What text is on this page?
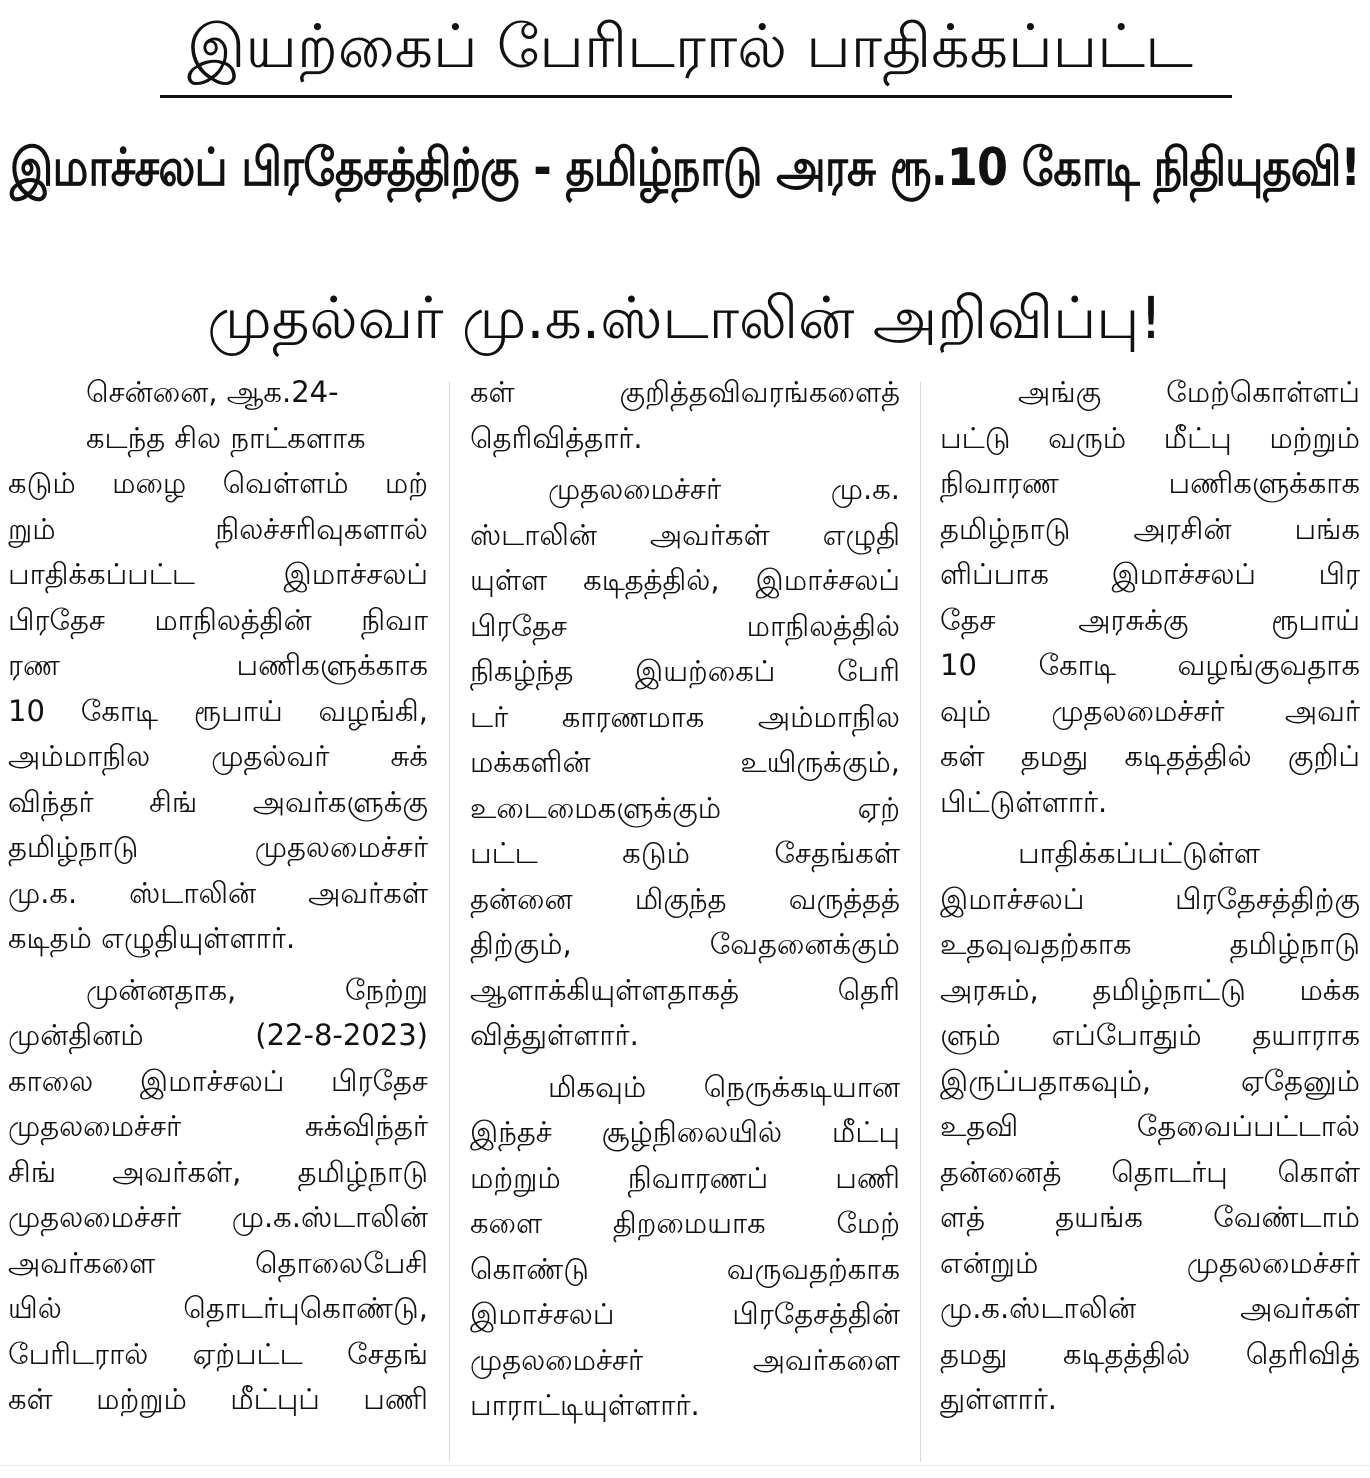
இயற்கைப் பேரிடரால் பாதிக்கப்பட்ட
இமாச்சலப் பிரதேசத்திற்கு - தமிழ்நாடு அரசு ரூ.10 கோடி நிதியுதவி!
முதல்வர் மு.க.ஸ்டாலின் அறிவிப்பு!
சென்னை, ஆக.24-
கடந்த சில நாட்களாக
கடும் மழை வெள்ளம் மற்
றும் நிலச்சரிவுகளால்
பாதிக்கப்பட்ட இமாச்சலப்
பிரதேச மாநிலத்தின் நிவா
ரண பணிகளுக்காக
10 கோடி ரூபாய் வழங்கி,
அம்மாநில முதல்வர் சுக்
விந்தர் சிங் அவர்களுக்கு
தமிழ்நாடு முதலமைச்சர்
மு.க. ஸ்டாலின் அவர்கள்
கடிதம் எழுதியுள்ளார்.
முன்னதாக, நேற்று
முன்தினம் (22-8-2023)
காலை இமாச்சலப் பிரதேச
முதலமைச்சர் சுக்விந்தர்
சிங் அவர்கள், தமிழ்நாடு
முதலமைச்சர் மு.க.ஸ்டாலின்
அவர்களை தொலைபேசி
யில் தொடர்புகொண்டு,
பேரிடரால் ஏற்பட்ட சேதங்
கள் மற்றும் மீட்புப் பணி
கள் குறித்தவிவரங்களைத்
தெரிவித்தார்.
முதலமைச்சர் மு.க.
ஸ்டாலின் அவர்கள் எழுதி
யுள்ள கடிதத்தில், இமாச்சலப்
பிரதேச மாநிலத்தில்
நிகழ்ந்த இயற்கைப் பேரி
டர் காரணமாக அம்மாநில
மக்களின் உயிருக்கும்,
உடைமைகளுக்கும் ஏற்
பட்ட கடும் சேதங்கள்
தன்னை மிகுந்த வருத்தத்
திற்கும், வேதனைக்கும்
ஆளாக்கியுள்ளதாகத் தெரி
வித்துள்ளார்.
மிகவும் நெருக்கடியான
இந்தச் சூழ்நிலையில் மீட்பு
மற்றும் நிவாரணப் பணி
களை திறமையாக மேற்
கொண்டு வருவதற்காக
இமாச்சலப் பிரதேசத்தின்
முதலமைச்சர் அவர்களை
பாராட்டியுள்ளார்.
அங்கு மேற்கொள்ளப்
பட்டு வரும் மீட்பு மற்றும்
நிவாரண பணிகளுக்காக
தமிழ்நாடு அரசின் பங்க
ளிப்பாக இமாச்சலப் பிர
தேச அரசுக்கு ரூபாய்
10 கோடி வழங்குவதாக
வும் முதலமைச்சர் அவர்
கள் தமது கடிதத்தில் குறிப்
பிட்டுள்ளார்.
பாதிக்கப்பட்டுள்ள
இமாச்சலப் பிரதேசத்திற்கு
உதவுவதற்காக தமிழ்நாடு
அரசும், தமிழ்நாட்டு மக்க
ளும் எப்போதும் தயாராக
இருப்பதாகவும், ஏதேனும்
உதவி தேவைப்பட்டால்
தன்னைத் தொடர்பு கொள்
ளத் தயங்க வேண்டாம்
என்றும் முதலமைச்சர்
மு.க.ஸ்டாலின் அவர்கள்
தமது கடிதத்தில் தெரிவித்
துள்ளார்.
